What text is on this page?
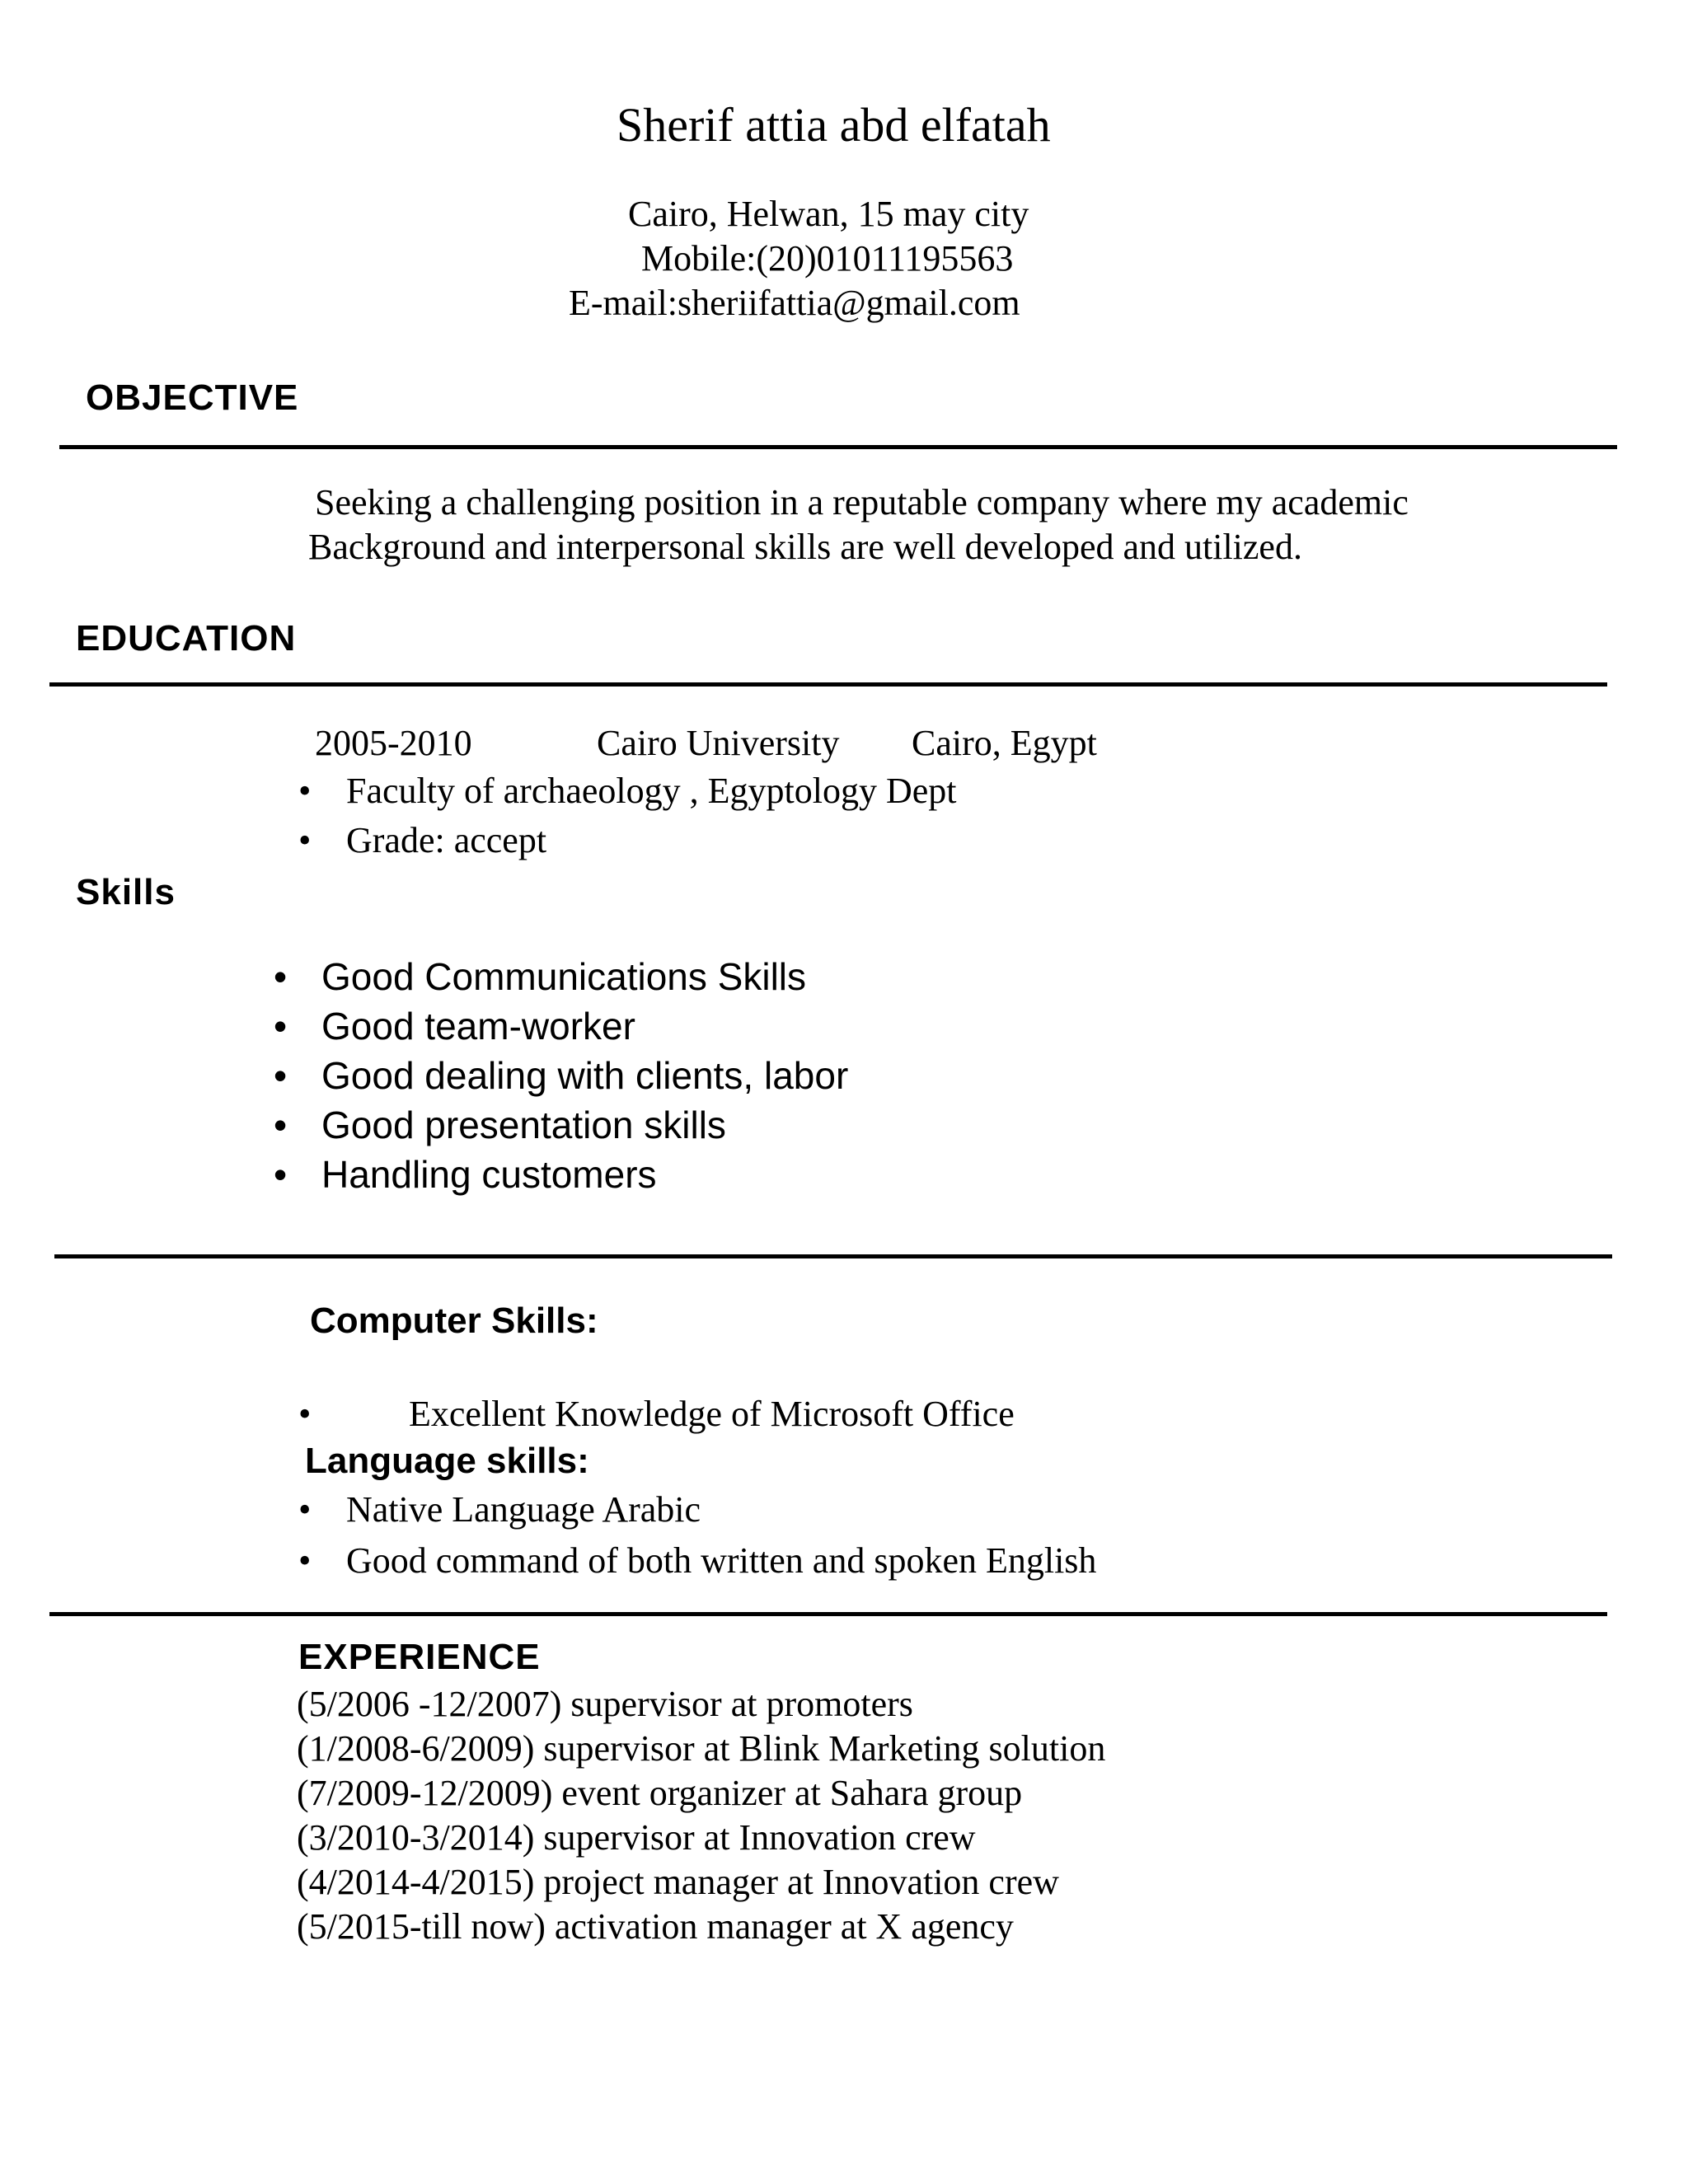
Sherif attia abd elfatah
Cairo, Helwan, 15 may city
Mobile:(20)01011195563
E-mail:sheriifattia@gmail.com
OBJECTIVE
Seeking a challenging position in a reputable company where my academic
Background and interpersonal skills are well developed and utilized.
EDUCATION
2005-2010	Cairo University Cairo, Egypt
• Faculty of archaeology , Egyptology Dept
• Grade: accept
Skills
• Good Communications Skills
• Good team-worker
• Good dealing with clients, labor
• Good presentation skills
• Handling customers
Computer Skills:
•	Excellent Knowledge of Microsoft Office
Language skills:
• Native Language Arabic
• Good command of both written and spoken English
EXPERIENCE
(5/2006 -12/2007) supervisor at promoters
(1/2008-6/2009) supervisor at Blink Marketing solution
(7/2009-12/2009) event organizer at Sahara group
(3/2010-3/2014) supervisor at Innovation crew
(4/2014-4/2015) project manager at Innovation crew
(5/2015-till now) activation manager at X agency
